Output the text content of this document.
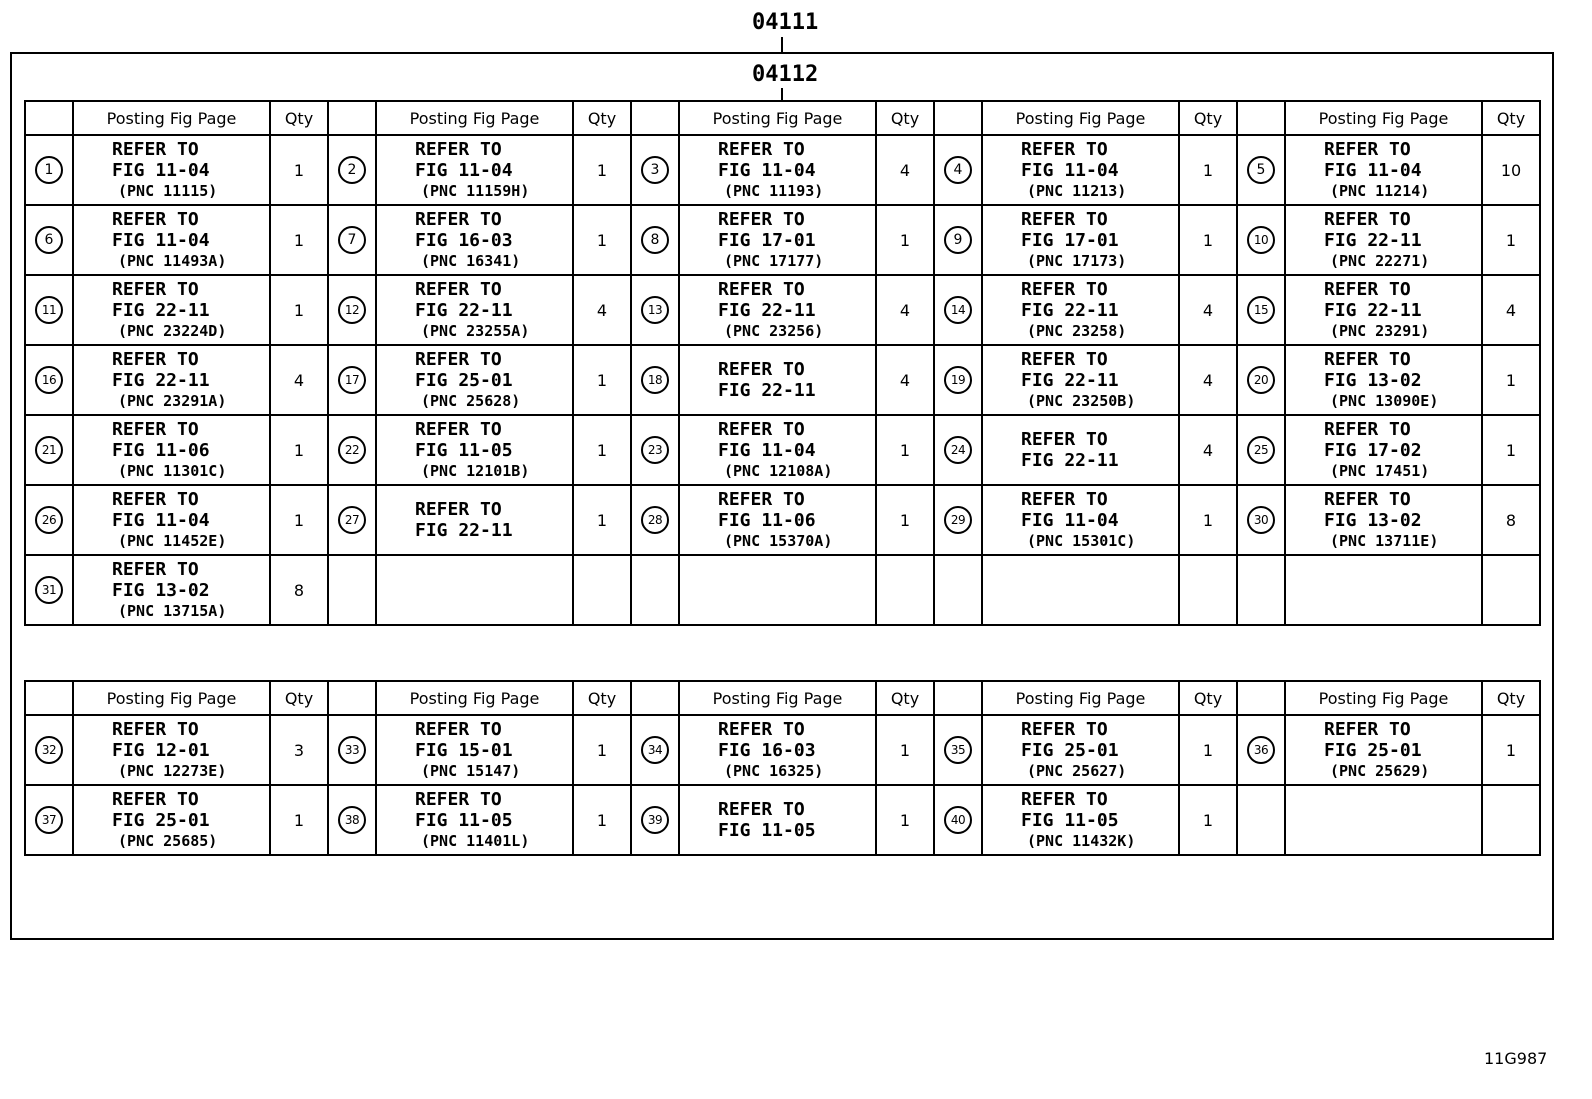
04111
04112
	Posting Fig Page	Qty		Posting Fig Page	Qty		Posting Fig Page	Qty		Posting Fig Page	Qty		Posting Fig Page	Qty
1	REFER TO
FIG 11-04
(PNC 11115)	1	2	REFER TO
FIG 11-04
(PNC 11159H)	1	3	REFER TO
FIG 11-04
(PNC 11193)	4	4	REFER TO
FIG 11-04
(PNC 11213)	1	5	REFER TO
FIG 11-04
(PNC 11214)	10
6	REFER TO
FIG 11-04
(PNC 11493A)	1	7	REFER TO
FIG 16-03
(PNC 16341)	1	8	REFER TO
FIG 17-01
(PNC 17177)	1	9	REFER TO
FIG 17-01
(PNC 17173)	1	10	REFER TO
FIG 22-11
(PNC 22271)	1
11	REFER TO
FIG 22-11
(PNC 23224D)	1	12	REFER TO
FIG 22-11
(PNC 23255A)	4	13	REFER TO
FIG 22-11
(PNC 23256)	4	14	REFER TO
FIG 22-11
(PNC 23258)	4	15	REFER TO
FIG 22-11
(PNC 23291)	4
16	REFER TO
FIG 22-11
(PNC 23291A)	4	17	REFER TO
FIG 25-01
(PNC 25628)	1	18	REFER TO
FIG 22-11	4	19	REFER TO
FIG 22-11
(PNC 23250B)	4	20	REFER TO
FIG 13-02
(PNC 13090E)	1
21	REFER TO
FIG 11-06
(PNC 11301C)	1	22	REFER TO
FIG 11-05
(PNC 12101B)	1	23	REFER TO
FIG 11-04
(PNC 12108A)	1	24	REFER TO
FIG 22-11	4	25	REFER TO
FIG 17-02
(PNC 17451)	1
26	REFER TO
FIG 11-04
(PNC 11452E)	1	27	REFER TO
FIG 22-11	1	28	REFER TO
FIG 11-06
(PNC 15370A)	1	29	REFER TO
FIG 11-04
(PNC 15301C)	1	30	REFER TO
FIG 13-02
(PNC 13711E)	8
31	REFER TO
FIG 13-02
(PNC 13715A)	8												
	Posting Fig Page	Qty		Posting Fig Page	Qty		Posting Fig Page	Qty		Posting Fig Page	Qty		Posting Fig Page	Qty
32	REFER TO
FIG 12-01
(PNC 12273E)	3	33	REFER TO
FIG 15-01
(PNC 15147)	1	34	REFER TO
FIG 16-03
(PNC 16325)	1	35	REFER TO
FIG 25-01
(PNC 25627)	1	36	REFER TO
FIG 25-01
(PNC 25629)	1
37	REFER TO
FIG 25-01
(PNC 25685)	1	38	REFER TO
FIG 11-05
(PNC 11401L)	1	39	REFER TO
FIG 11-05	1	40	REFER TO
FIG 11-05
(PNC 11432K)	1			
11G987
